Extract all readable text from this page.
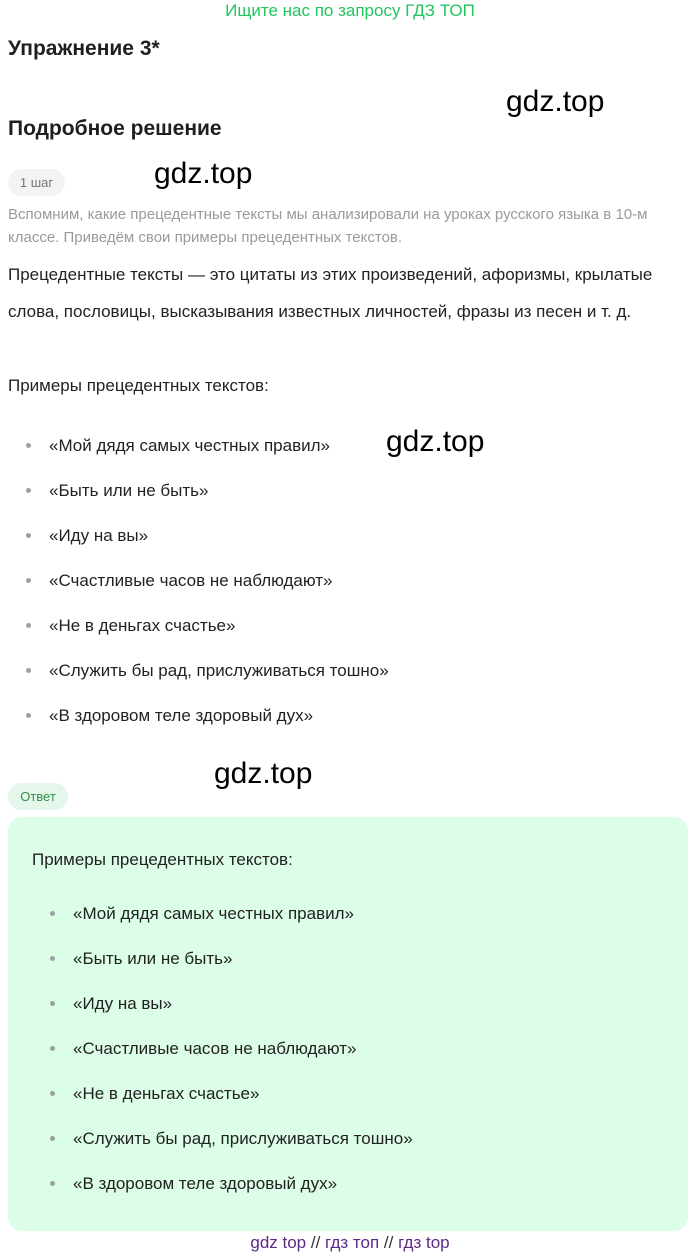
Ищите нас по запросу ГДЗ ТОП
Упражнение 3*
Подробное решение
gdz.top
gdz.top
gdz.top
gdz.top
1 шаг
Вспомним, какие прецедентные тексты мы анализировали на уроках русского языка в 10-м классе. Приведём свои примеры прецедентных текстов.
Прецедентные тексты — это цитаты из этих произведений, афоризмы, крылатые слова, пословицы, высказывания известных личностей, фразы из песен и т. д.
Примеры прецедентных текстов:
«Мой дядя самых честных правил»
«Быть или не быть»
«Иду на вы»
«Счастливые часов не наблюдают»
«Не в деньгах счастье»
«Служить бы рад, прислуживаться тошно»
«В здоровом теле здоровый дух»
Ответ
Примеры прецедентных текстов:
«Мой дядя самых честных правил»
«Быть или не быть»
«Иду на вы»
«Счастливые часов не наблюдают»
«Не в деньгах счастье»
«Служить бы рад, прислуживаться тошно»
«В здоровом теле здоровый дух»
gdz top // гдз топ // гдз top
